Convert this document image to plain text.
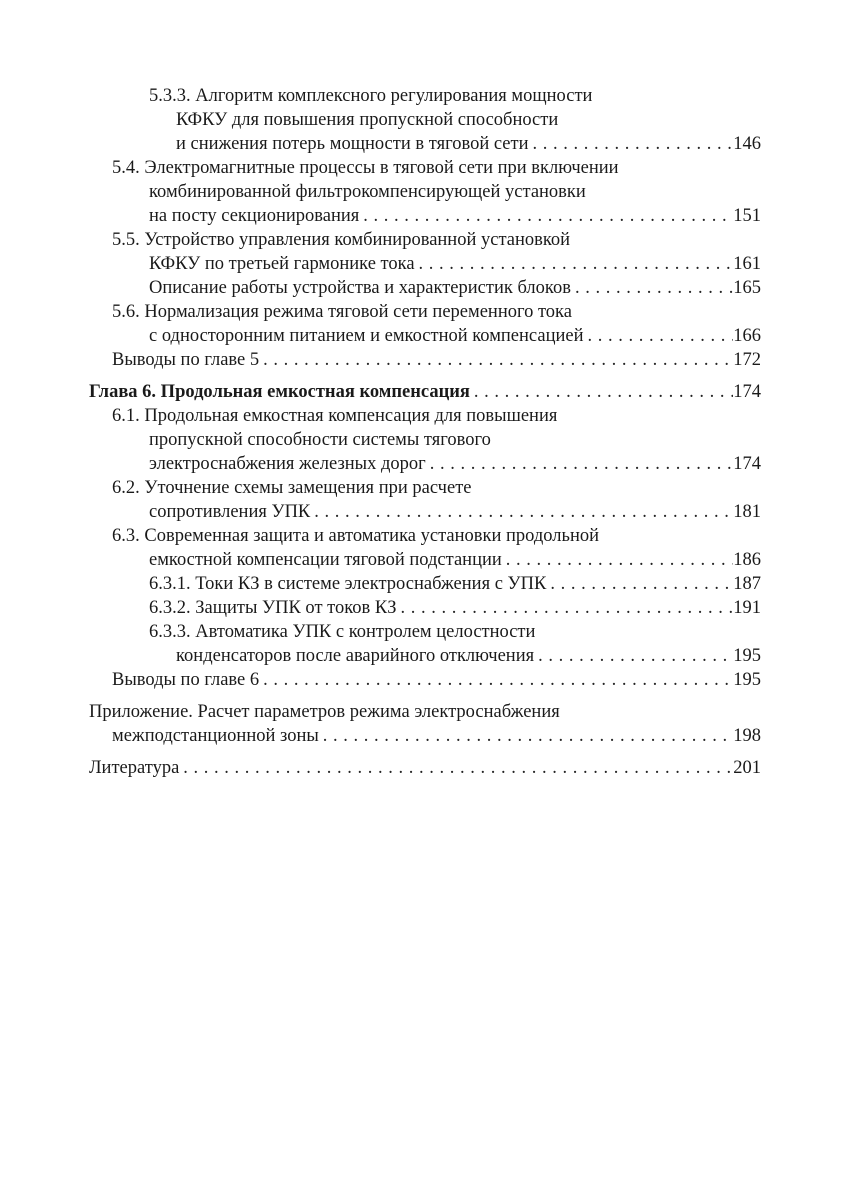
5.3.3. Алгоритм комплексного регулирования мощности
КФКУ для повышения пропускной способности
и снижения потерь мощности в тяговой сети . . .	146
5.4. Электромагнитные процессы в тяговой сети при включении
комбинированной фильтрокомпенсирующей установки
на посту секционирования . . .	151
5.5. Устройство управления комбинированной установкой
КФКУ по третьей гармонике тока . . .	161
Описание работы устройства и характеристик блоков . . .	165
5.6. Нормализация режима тяговой сети переменного тока
с односторонним питанием и емкостной компенсацией . . .	166
Выводы по главе 5 . . .	172
Глава 6. Продольная емкостная компенсация . . .	174
6.1. Продольная емкостная компенсация для повышения
пропускной способности системы тягового
электроснабжения железных дорог . . .	174
6.2. Уточнение схемы замещения при расчете
сопротивления УПК . . .	181
6.3. Современная защита и автоматика установки продольной
емкостной компенсации тяговой подстанции . . .	186
6.3.1. Токи КЗ в системе электроснабжения с УПК . . .	187
6.3.2. Защиты УПК от токов КЗ . . .	191
6.3.3. Автоматика УПК с контролем целостности
конденсаторов после аварийного отключения . . .	195
Выводы по главе 6 . . .	195
Приложение. Расчет параметров режима электроснабжения
межподстанционной зоны . . .	198
Литература . . .	201
